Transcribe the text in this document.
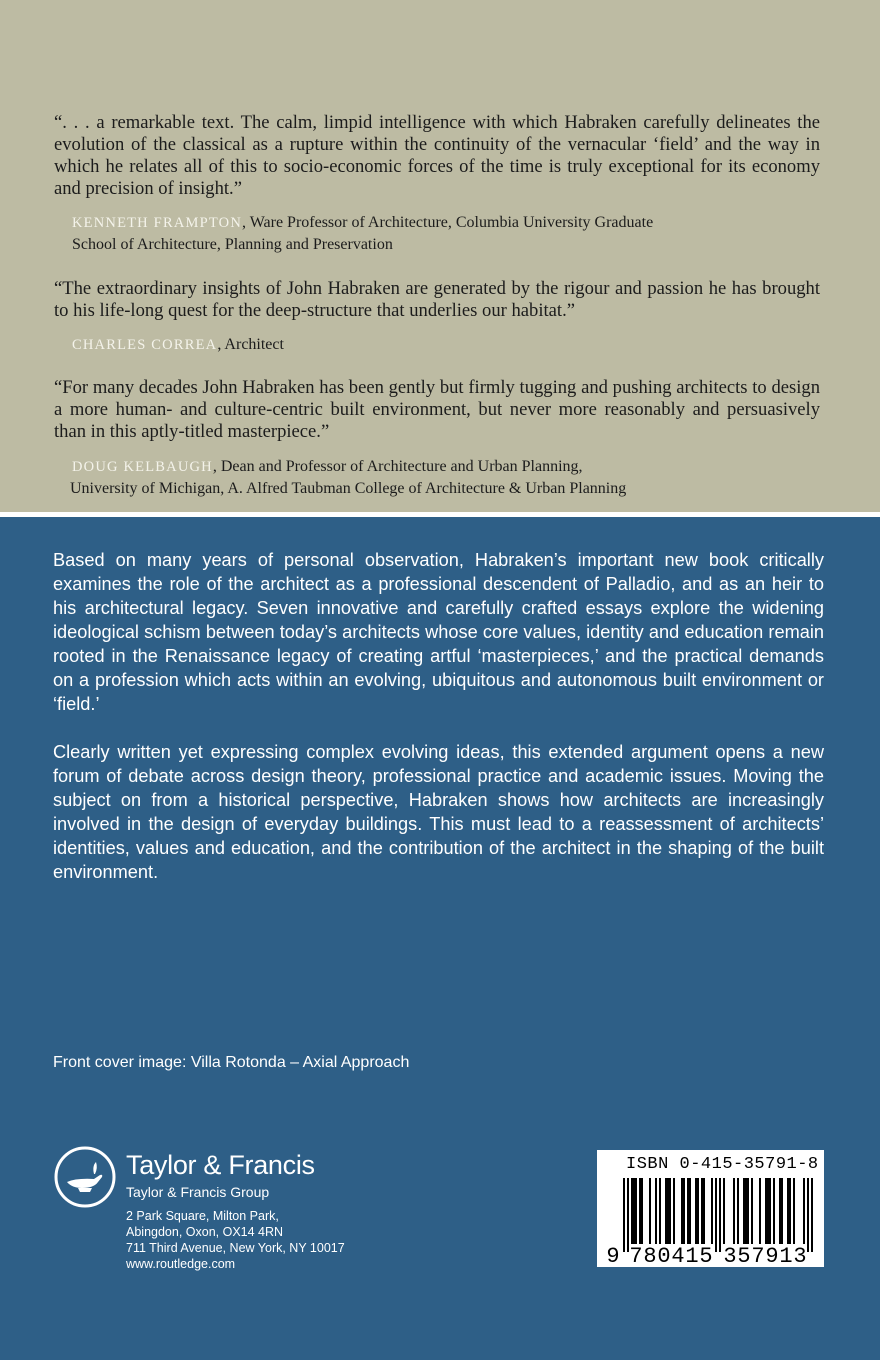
“. . . a remarkable text. The calm, limpid intelligence with which Habraken carefully delineates the evolution of the classical as a rupture within the continuity of the vernacular ‘field’ and the way in which he relates all of this to socio-economic forces of the time is truly exceptional for its economy and precision of insight.”

KENNETH FRAMPTON, Ware Professor of Architecture, Columbia University Graduate

School of Architecture, Planning and Preservation

“The extraordinary insights of John Habraken are generated by the rigour and passion he has brought to his life-long quest for the deep-structure that underlies our habitat.”

CHARLES CORREA, Architect

“For many decades John Habraken has been gently but firmly tugging and pushing architects to design a more human- and culture-centric built environment, but never more reasonably and persuasively than in this aptly-titled masterpiece.”

DOUG KELBAUGH, Dean and Professor of Architecture and Urban Planning,

University of Michigan, A. Alfred Taubman College of Architecture & Urban Planning

Based on many years of personal observation, Habraken’s important new book critically examines the role of the architect as a professional descendent of Palladio, and as an heir to his architectural legacy. Seven innovative and carefully crafted essays explore the widening ideological schism between today’s architects whose core values, identity and education remain rooted in the Renaissance legacy of creating artful ‘masterpieces,’ and the practical demands on a profession which acts within an evolving, ubiquitous and autonomous built environment or ‘field.’

Clearly written yet expressing complex evolving ideas, this extended argument opens a new forum of debate across design theory, professional practice and academic issues. Moving the subject on from a historical perspective, Habraken shows how architects are increasingly involved in the design of everyday buildings. This must lead to a reassessment of architects’ identities, values and education, and the contribution of the architect in the shaping of the built environment.

Front cover image: Villa Rotonda – Axial Approach

Taylor & Francis
Taylor & Francis Group
2 Park Square, Milton Park,
Abingdon, Oxon, OX14 4RN
711 Third Avenue, New York, NY 10017
www.routledge.com
ISBN 0-415-35791-8
9 7 8 0 4 1 5 3 5 7 9 1 3
